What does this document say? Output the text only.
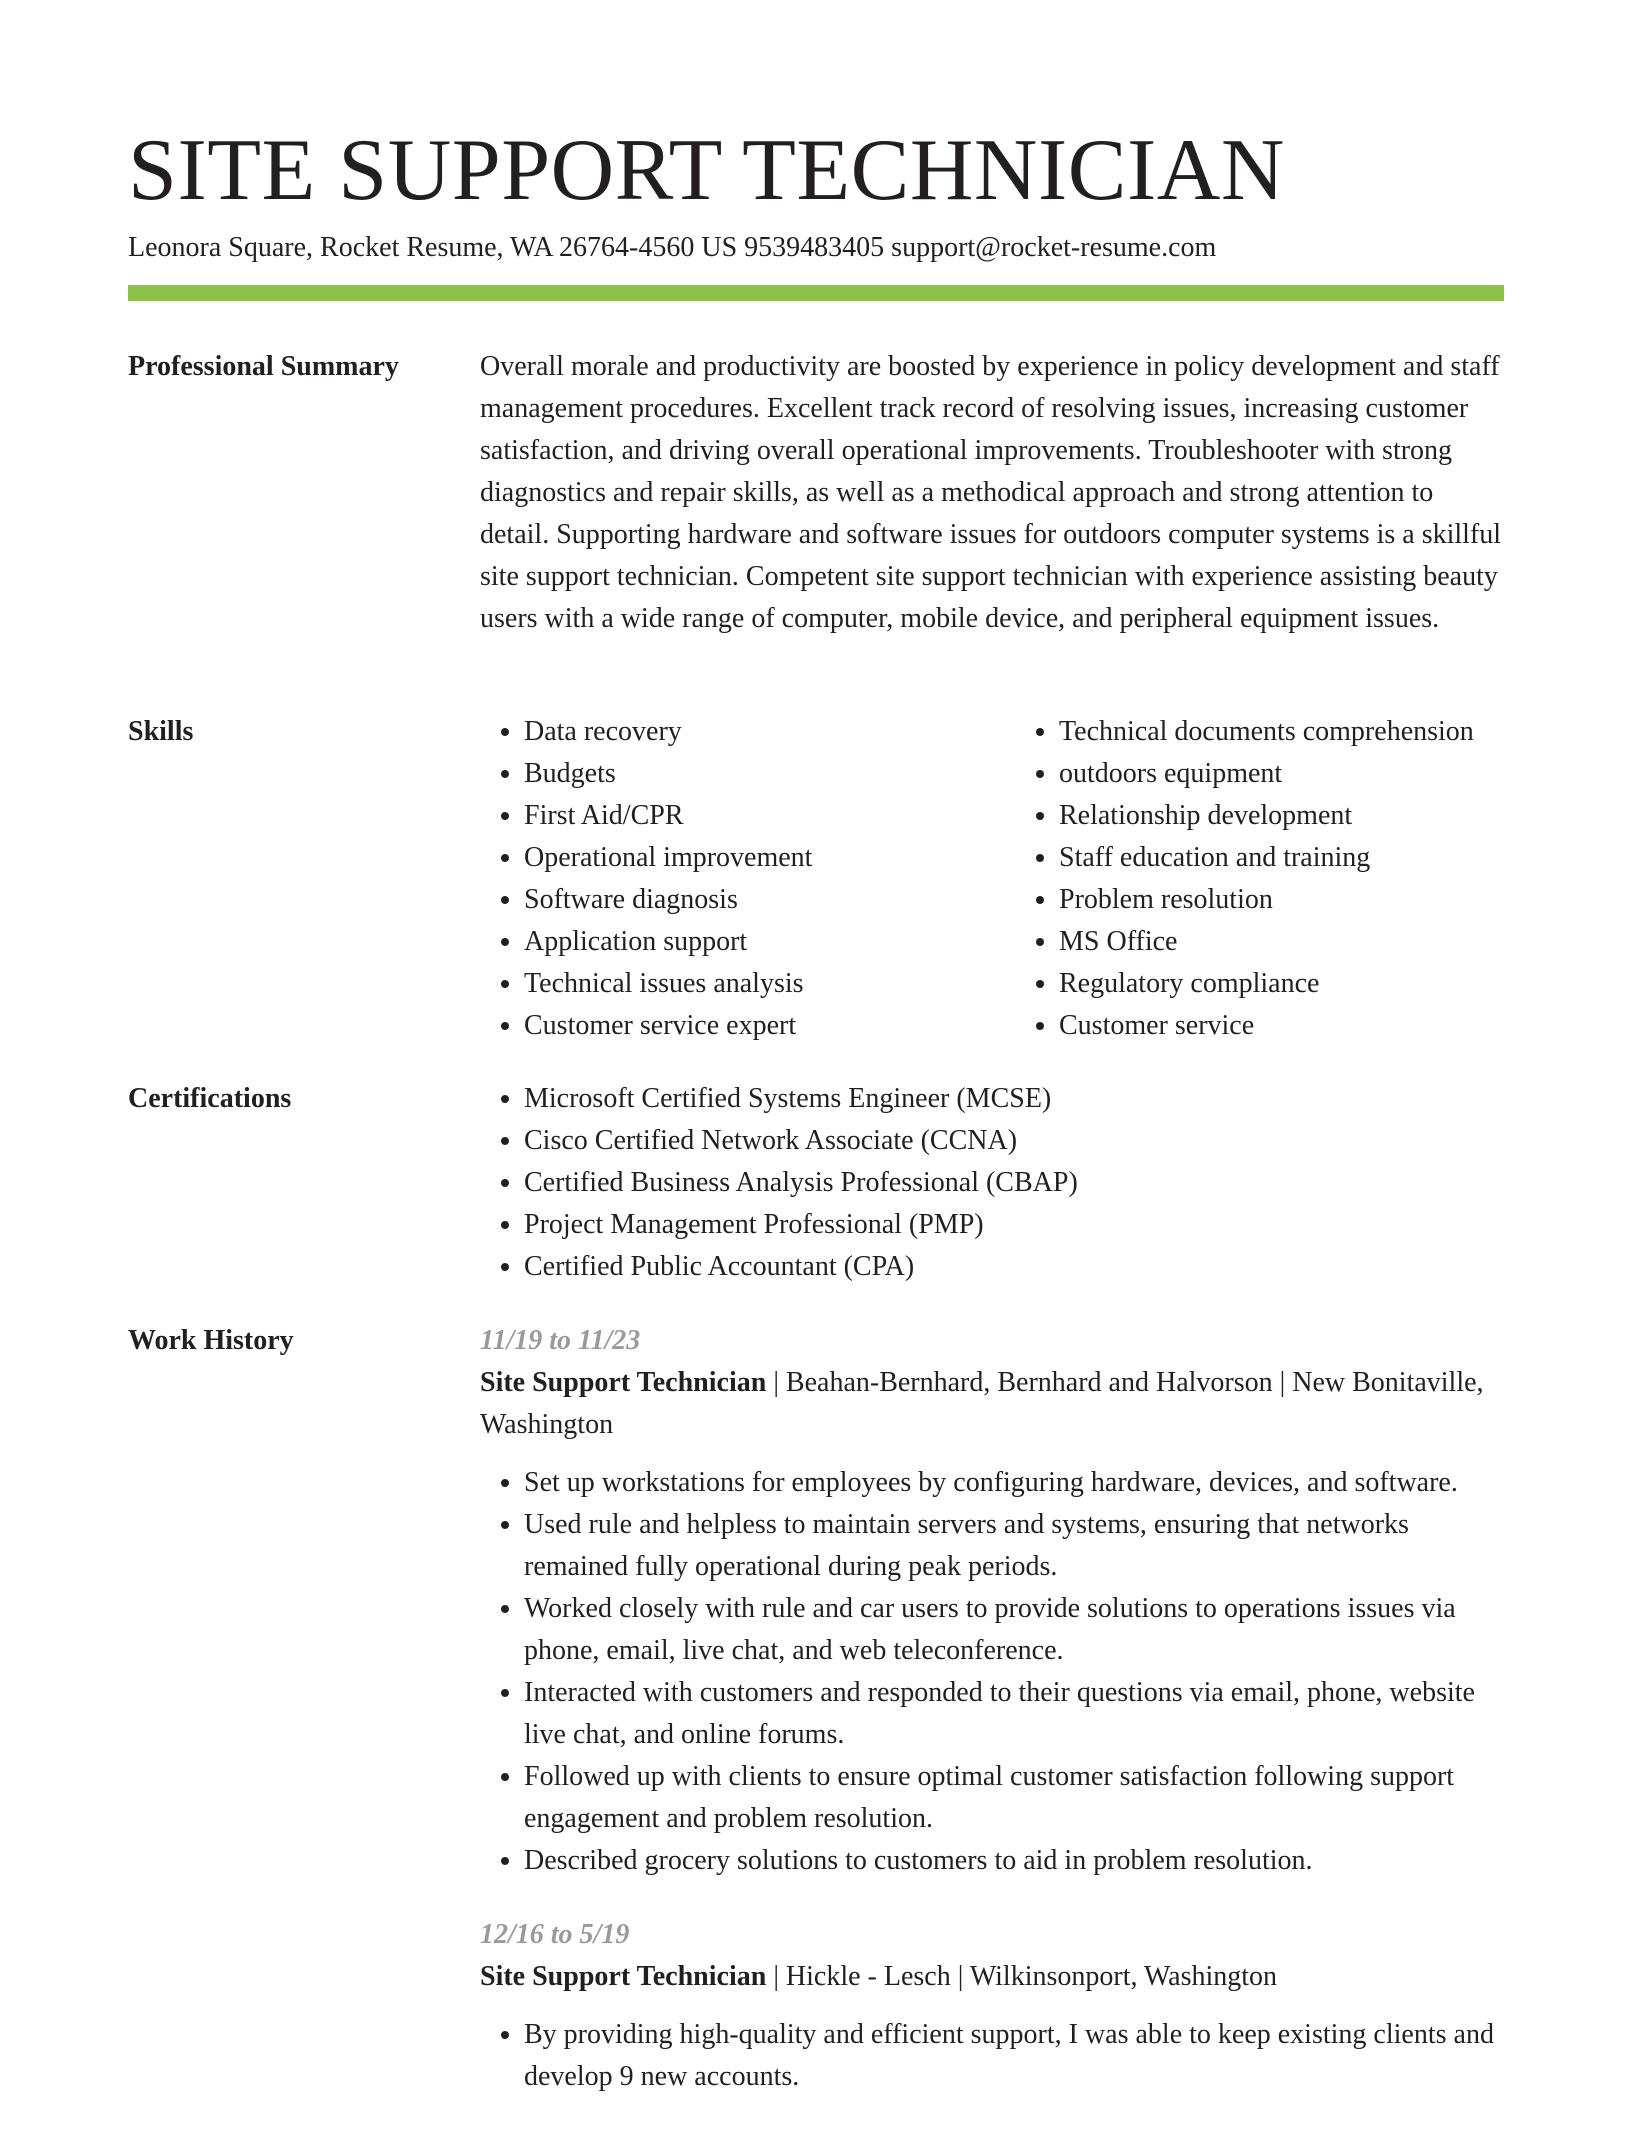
SITE SUPPORT TECHNICIAN
Leonora Square, Rocket Resume, WA 26764-4560 US 9539483405 support@rocket-resume.com
Professional Summary	Overall morale and productivity are boosted by experience in policy development and staff management procedures. Excellent track record of resolving issues, increasing customer satisfaction, and driving overall operational improvements. Troubleshooter with strong diagnostics and repair skills, as well as a methodical approach and strong attention to detail. Supporting hardware and software issues for outdoors computer systems is a skillful site support technician. Competent site support technician with experience assisting beauty users with a wide range of computer, mobile device, and peripheral equipment issues.

Skills	• Data recovery
• Budgets
• First Aid/CPR
• Operational improvement
• Software diagnosis
• Application support
• Technical issues analysis
• Customer service expert
• Technical documents comprehension
• outdoors equipment
• Relationship development
• Staff education and training
• Problem resolution
• MS Office
• Regulatory compliance
• Customer service
Certifications	• Microsoft Certified Systems Engineer (MCSE)
• Cisco Certified Network Associate (CCNA)
• Certified Business Analysis Professional (CBAP)
• Project Management Professional (PMP)
• Certified Public Accountant (CPA)
Work History	11/19 to 11/23

Site Support Technician | Beahan-Bernhard, Bernhard and Halvorson | New Bonitaville, Washington

• Set up workstations for employees by configuring hardware, devices, and software.
• Used rule and helpless to maintain servers and systems, ensuring that networks remained fully operational during peak periods.
• Worked closely with rule and car users to provide solutions to operations issues via phone, email, live chat, and web teleconference.
• Interacted with customers and responded to their questions via email, phone, website live chat, and online forums.
• Followed up with clients to ensure optimal customer satisfaction following support engagement and problem resolution.
• Described grocery solutions to customers to aid in problem resolution.
12/16 to 5/19

Site Support Technician | Hickle - Lesch | Wilkinsonport, Washington

• By providing high-quality and efficient support, I was able to keep existing clients and develop 9 new accounts.
